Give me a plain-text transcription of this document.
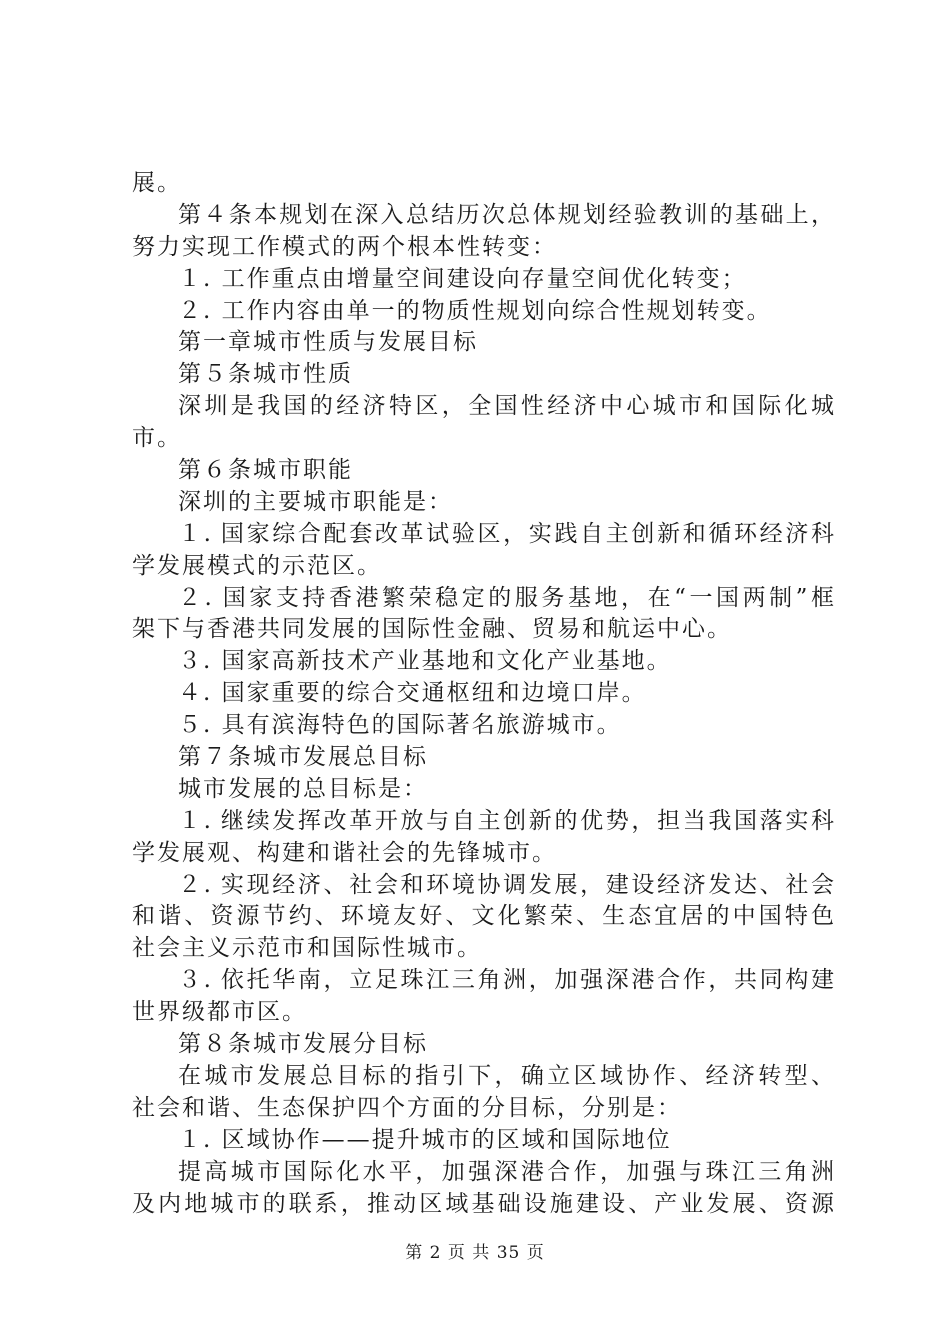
展。
第４条本规划在深入总结历次总体规划经验教训的基础上，
努力实现工作模式的两个根本性转变：
１. 工作重点由增量空间建设向存量空间优化转变；
２. 工作内容由单一的物质性规划向综合性规划转变。
第一章城市性质与发展目标
第５条城市性质
深圳是我国的经济特区，全国性经济中心城市和国际化城
市。
第６条城市职能
深圳的主要城市职能是：
１. 国家综合配套改革试验区，实践自主创新和循环经济科
学发展模式的示范区。
２. 国家支持香港繁荣稳定的服务基地，在“一国两制”框
架下与香港共同发展的国际性金融、贸易和航运中心。
３. 国家高新技术产业基地和文化产业基地。
４. 国家重要的综合交通枢纽和边境口岸。
５. 具有滨海特色的国际著名旅游城市。
第７条城市发展总目标
城市发展的总目标是：
１. 继续发挥改革开放与自主创新的优势，担当我国落实科
学发展观、构建和谐社会的先锋城市。
２. 实现经济、社会和环境协调发展，建设经济发达、社会
和谐、资源节约、环境友好、文化繁荣、生态宜居的中国特色
社会主义示范市和国际性城市。
３. 依托华南，立足珠江三角洲，加强深港合作，共同构建
世界级都市区。
第８条城市发展分目标
在城市发展总目标的指引下，确立区域协作、经济转型、
社会和谐、生态保护四个方面的分目标，分别是：
１. 区域协作——提升城市的区域和国际地位
提高城市国际化水平，加强深港合作，加强与珠江三角洲
及内地城市的联系，推动区域基础设施建设、产业发展、资源
第 2 页 共 35 页
